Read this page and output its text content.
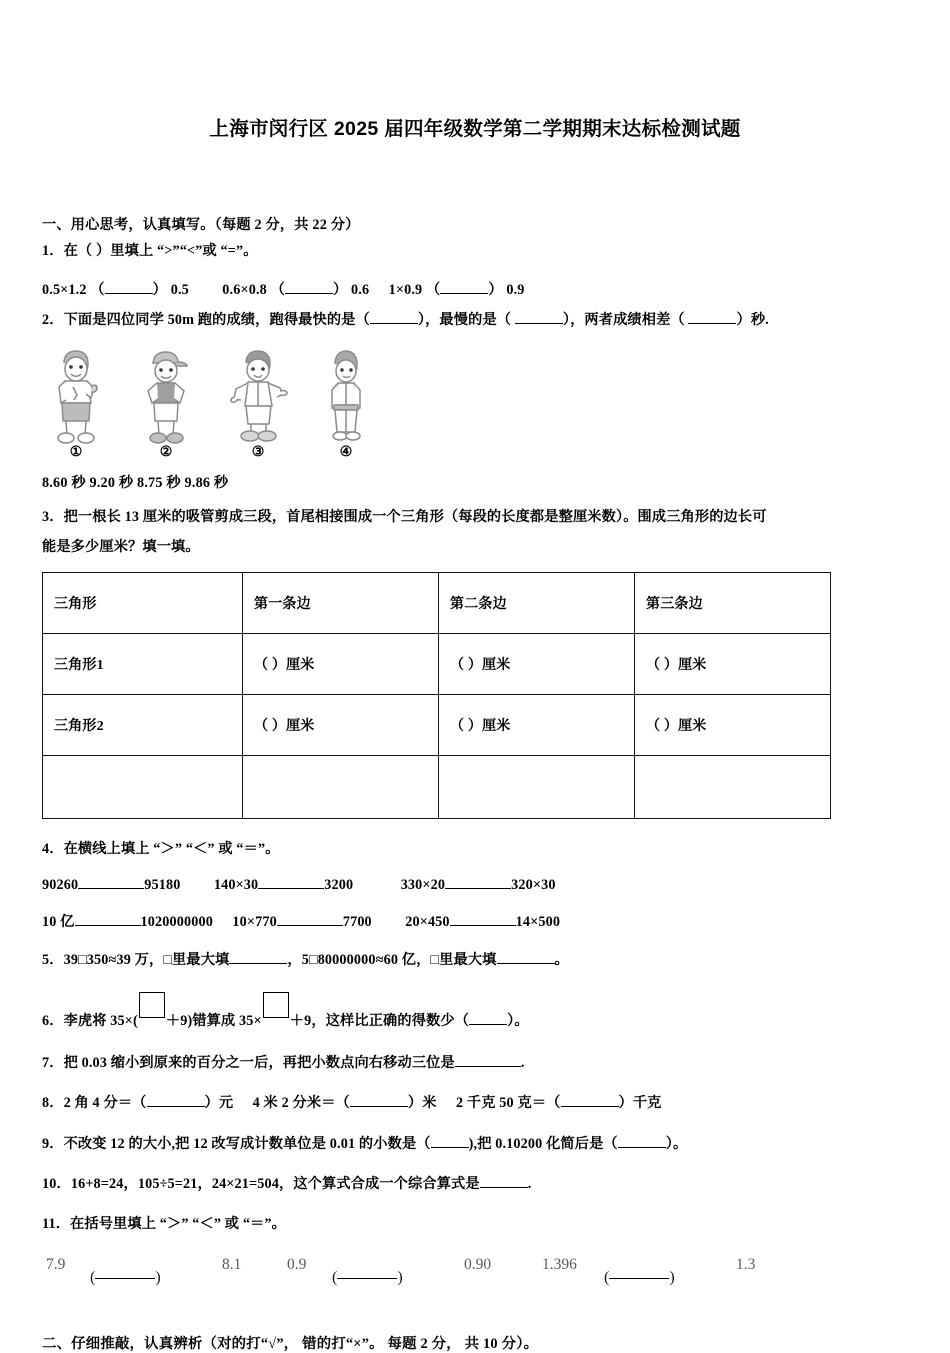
上海市闵行区 2025 届四年级数学第二学期期末达标检测试题
一、用心思考，认真填写。（每题 2 分，共 22 分）
1．在（ ）里填上 “>”“<”或 “=”。
0.5×1.2 （	） 0.5 0.6×0.8 （	） 0.6 1×0.9 （	） 0.9
2．下面是四位同学 50m 跑的成绩，跑得最快的是（	），最慢的是（	），两者成绩相差（	）秒.
①	②	③	④
8.60 秒 9.20 秒 8.75 秒 9.86 秒
3．把一根长 13 厘米的吸管剪成三段，首尾相接围成一个三角形（每段的长度都是整厘米数）。围成三角形的边长可
能是多少厘米？填一填。
三角形	第一条边	第二条边	第三条边
三角形1	（ ）厘米	（ ）厘米	（ ）厘米
三角形2	（ ）厘米	（ ）厘米	（ ）厘米

4．在横线上填上 “＞” “＜” 或 “＝”。
90260	95180 140×30	3200	330×20	320×30
10 亿	1020000000 10×770	7700 20×450	14×500
5．39□350≈39 万，□里最大填	，5□80000000≈60 亿，□里最大填	。
6．李虎将 35×( ＋9)错算成 35× ＋9，这样比正确的得数少（	）。
7．把 0.03 缩小到原来的百分之一后，再把小数点向右移动三位是	.
8．2 角 4 分＝（	）元 4 米 2 分米＝（	）米 2 千克 50 克＝（	）千克
9．不改变 12 的大小,把 12 改写成计数单位是 0.01 的小数是（	),把 0.10200 化简后是（	）。
10．16+8=24，105÷5=21，24×21=504，这个算式合成一个综合算式是	.
11．在括号里填上 “＞” “＜” 或 “＝”。
7.9
(	)
8.1	0.9
(	)
0.90	1.396
(	)
1.3
二、仔细推敲，认真辨析（对的打“√”， 错的打“×”。 每题 2 分， 共 10 分）。
